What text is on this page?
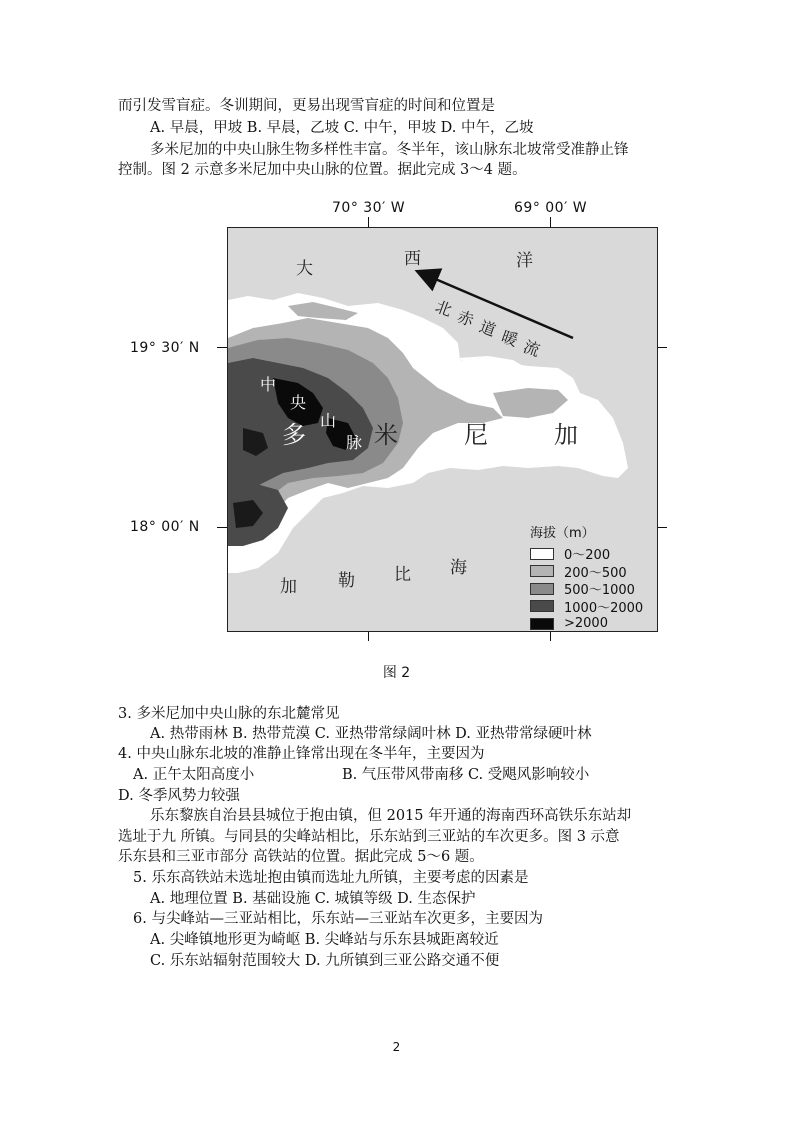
而引发雪盲症。冬训期间，更易出现雪盲症的时间和位置是
A. 早晨，甲坡 B. 早晨，乙坡 C. 中午，甲坡 D. 中午，乙坡
多米尼加的中央山脉生物多样性丰富。冬半年，该山脉东北坡常受准静止锋
控制。图 2 示意多米尼加中央山脉的位置。据此完成 3～4 题。
70° 30′ W	69° 00′ W
19° 30′ N
18° 00′ N
大	西	洋
北 赤 道 暖 流
中
央
山
脉
多	米	尼	加
加 勒 比 海
海拔（m）
0～200
200～500
500～1000
1000～2000
>2000
图 2
3. 多米尼加中央山脉的东北麓常见
A. 热带雨林 B. 热带荒漠 C. 亚热带常绿阔叶林 D. 亚热带常绿硬叶林
4. 中央山脉东北坡的准静止锋常出现在冬半年，主要因为
A. 正午太阳高度小	B. 气压带风带南移 C. 受飓风影响较小
D. 冬季风势力较强
乐东黎族自治县县城位于抱由镇，但 2015 年开通的海南西环高铁乐东站却
选址于九 所镇。与同县的尖峰站相比，乐东站到三亚站的车次更多。图 3 示意
乐东县和三亚市部分 高铁站的位置。据此完成 5～6 题。
5. 乐东高铁站未选址抱由镇而选址九所镇，主要考虑的因素是
A. 地理位置 B. 基础设施 C. 城镇等级 D. 生态保护
6. 与尖峰站—三亚站相比，乐东站—三亚站车次更多，主要因为
A. 尖峰镇地形更为崎岖 B. 尖峰站与乐东县城距离较近
C. 乐东站辐射范围较大 D. 九所镇到三亚公路交通不便
2
